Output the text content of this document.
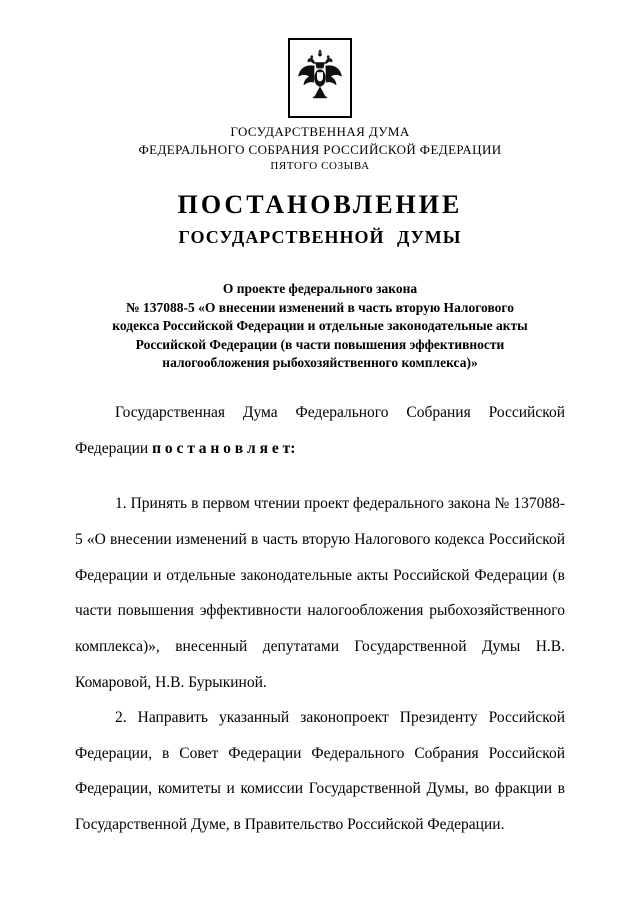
ГОСУДАРСТВЕННАЯ ДУМА
ФЕДЕРАЛЬНОГО СОБРАНИЯ РОССИЙСКОЙ ФЕДЕРАЦИИ
ПЯТОГО СОЗЫВА
ПОСТАНОВЛЕНИЕ
ГОСУДАРСТВЕННОЙ ДУМЫ
О проекте федерального закона
№ 137088-5 «О внесении изменений в часть вторую Налогового
кодекса Российской Федерации и отдельные законодательные акты
Российской Федерации (в части повышения эффективности
налогообложения рыбохозяйственного комплекса)»

Государственная Дума Федерального Собрания Российской Федерации п о с т а н о в л я е т:

1. Принять в первом чтении проект федерального закона № 137088-5 «О внесении изменений в часть вторую Налогового кодекса Российской Федерации и отдельные законодательные акты Российской Федерации (в части повышения эффективности налогообложения рыбохозяйственного комплекса)», внесенный депутатами Государственной Думы Н.В. Комаровой, Н.В. Бурыкиной.

2. Направить указанный законопроект Президенту Российской Федерации, в Совет Федерации Федерального Собрания Российской Федерации, комитеты и комиссии Государственной Думы, во фракции в Государственной Думе, в Правительство Российской Федерации.
